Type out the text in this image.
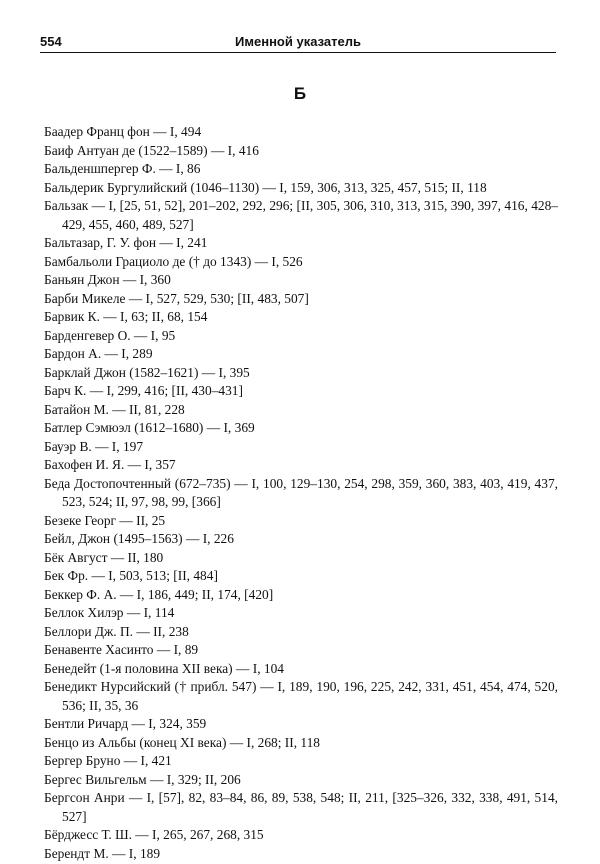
554	Именной указатель
Б
Баадер Франц фон — I, 494
Баиф Антуан де (1522–1589) — I, 416
Бальденшпергер Ф. — I, 86
Бальдерик Бургулийский (1046–1130) — I, 159, 306, 313, 325, 457, 515; II, 118
Бальзак — I, [25, 51, 52], 201–202, 292, 296; [II, 305, 306, 310, 313, 315, 390, 397, 416, 428–429, 455, 460, 489, 527]
Бальтазар, Г. У. фон — I, 241
Бамбальоли Грациоло де († до 1343) — I, 526
Баньян Джон — I, 360
Барби Микеле — I, 527, 529, 530; [II, 483, 507]
Барвик К. — I, 63; II, 68, 154
Барденгевер О. — I, 95
Бардон А. — I, 289
Барклай Джон (1582–1621) — I, 395
Барч К. — I, 299, 416; [II, 430–431]
Батайон М. — II, 81, 228
Батлер Сэмюэл (1612–1680) — I, 369
Бауэр В. — I, 197
Бахофен И. Я. — I, 357
Беда Достопочтенный (672–735) — I, 100, 129–130, 254, 298, 359, 360, 383, 403, 419, 437, 523, 524; II, 97, 98, 99, [366]
Безеке Георг — II, 25
Бейл, Джон (1495–1563) — I, 226
Бёк Август — II, 180
Бек Фр. — I, 503, 513; [II, 484]
Беккер Ф. А. — I, 186, 449; II, 174, [420]
Беллок Хилэр — I, 114
Беллори Дж. П. — II, 238
Бенавенте Хасинто — I, 89
Бенедейт (1-я половина XII века) — I, 104
Бенедикт Нурсийский († прибл. 547) — I, 189, 190, 196, 225, 242, 331, 451, 454, 474, 520, 536; II, 35, 36
Бентли Ричард — I, 324, 359
Бенцо из Альбы (конец XI века) — I, 268; II, 118
Бергер Бруно — I, 421
Бергес Вильгельм — I, 329; II, 206
Бергсон Анри — I, [57], 82, 83–84, 86, 89, 538, 548; II, 211, [325–326, 332, 338, 491, 514, 527]
Бёрджесс Т. Ш. — I, 265, 267, 268, 315
Берендт М. — I, 189
